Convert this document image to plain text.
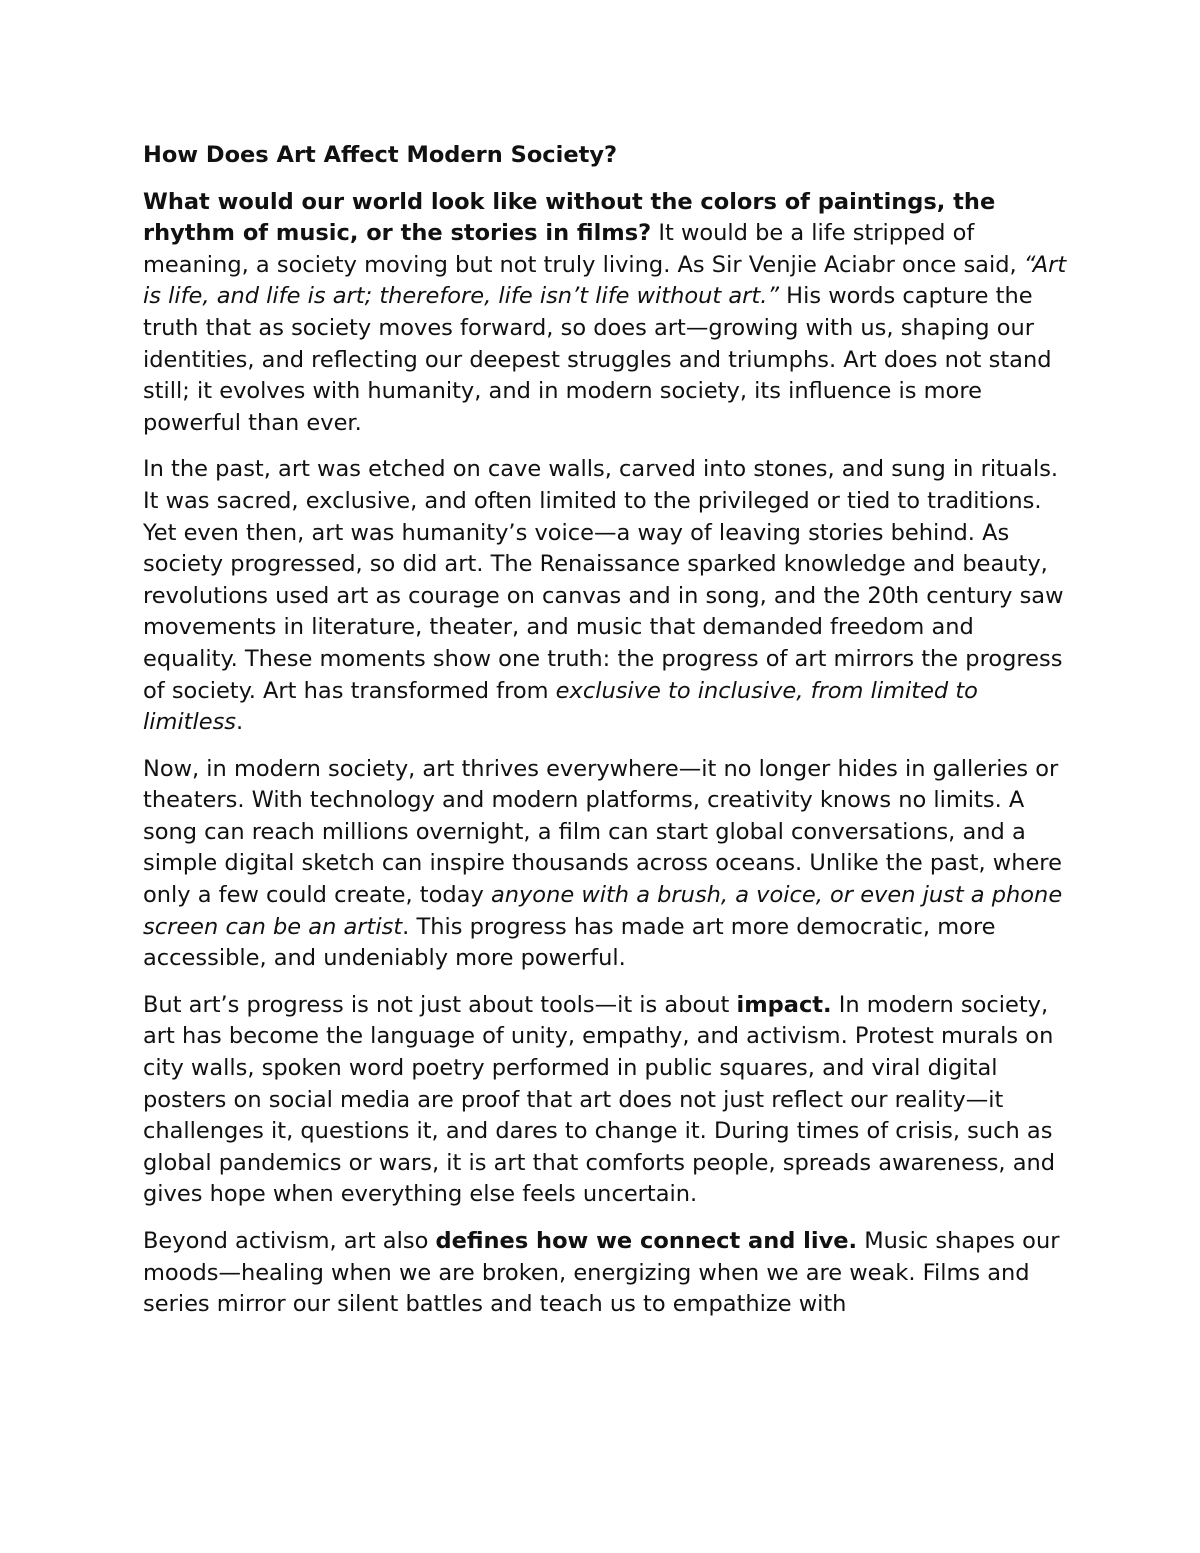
How Does Art Affect Modern Society?

What would our world look like without the colors of paintings, the rhythm of music, or the stories in films? It would be a life stripped of meaning, a society moving but not truly living. As Sir Venjie Aciabr once said, “Art is life, and life is art; therefore, life isn’t life without art.” His words capture the truth that as society moves forward, so does art—growing with us, shaping our identities, and reflecting our deepest struggles and triumphs. Art does not stand still; it evolves with humanity, and in modern society, its influence is more powerful than ever.

In the past, art was etched on cave walls, carved into stones, and sung in rituals. It was sacred, exclusive, and often limited to the privileged or tied to traditions. Yet even then, art was humanity’s voice—a way of leaving stories behind. As society progressed, so did art. The Renaissance sparked knowledge and beauty, revolutions used art as courage on canvas and in song, and the 20th century saw movements in literature, theater, and music that demanded freedom and equality. These moments show one truth: the progress of art mirrors the progress of society. Art has transformed from exclusive to inclusive, from limited to limitless.

Now, in modern society, art thrives everywhere—it no longer hides in galleries or theaters. With technology and modern platforms, creativity knows no limits. A song can reach millions overnight, a film can start global conversations, and a simple digital sketch can inspire thousands across oceans. Unlike the past, where only a few could create, today anyone with a brush, a voice, or even just a phone screen can be an artist. This progress has made art more democratic, more accessible, and undeniably more powerful.

But art’s progress is not just about tools—it is about impact. In modern society, art has become the language of unity, empathy, and activism. Protest murals on city walls, spoken word poetry performed in public squares, and viral digital posters on social media are proof that art does not just reflect our reality—it challenges it, questions it, and dares to change it. During times of crisis, such as global pandemics or wars, it is art that comforts people, spreads awareness, and gives hope when everything else feels uncertain.

Beyond activism, art also defines how we connect and live. Music shapes our moods—healing when we are broken, energizing when we are weak. Films and series mirror our silent battles and teach us to empathize with
